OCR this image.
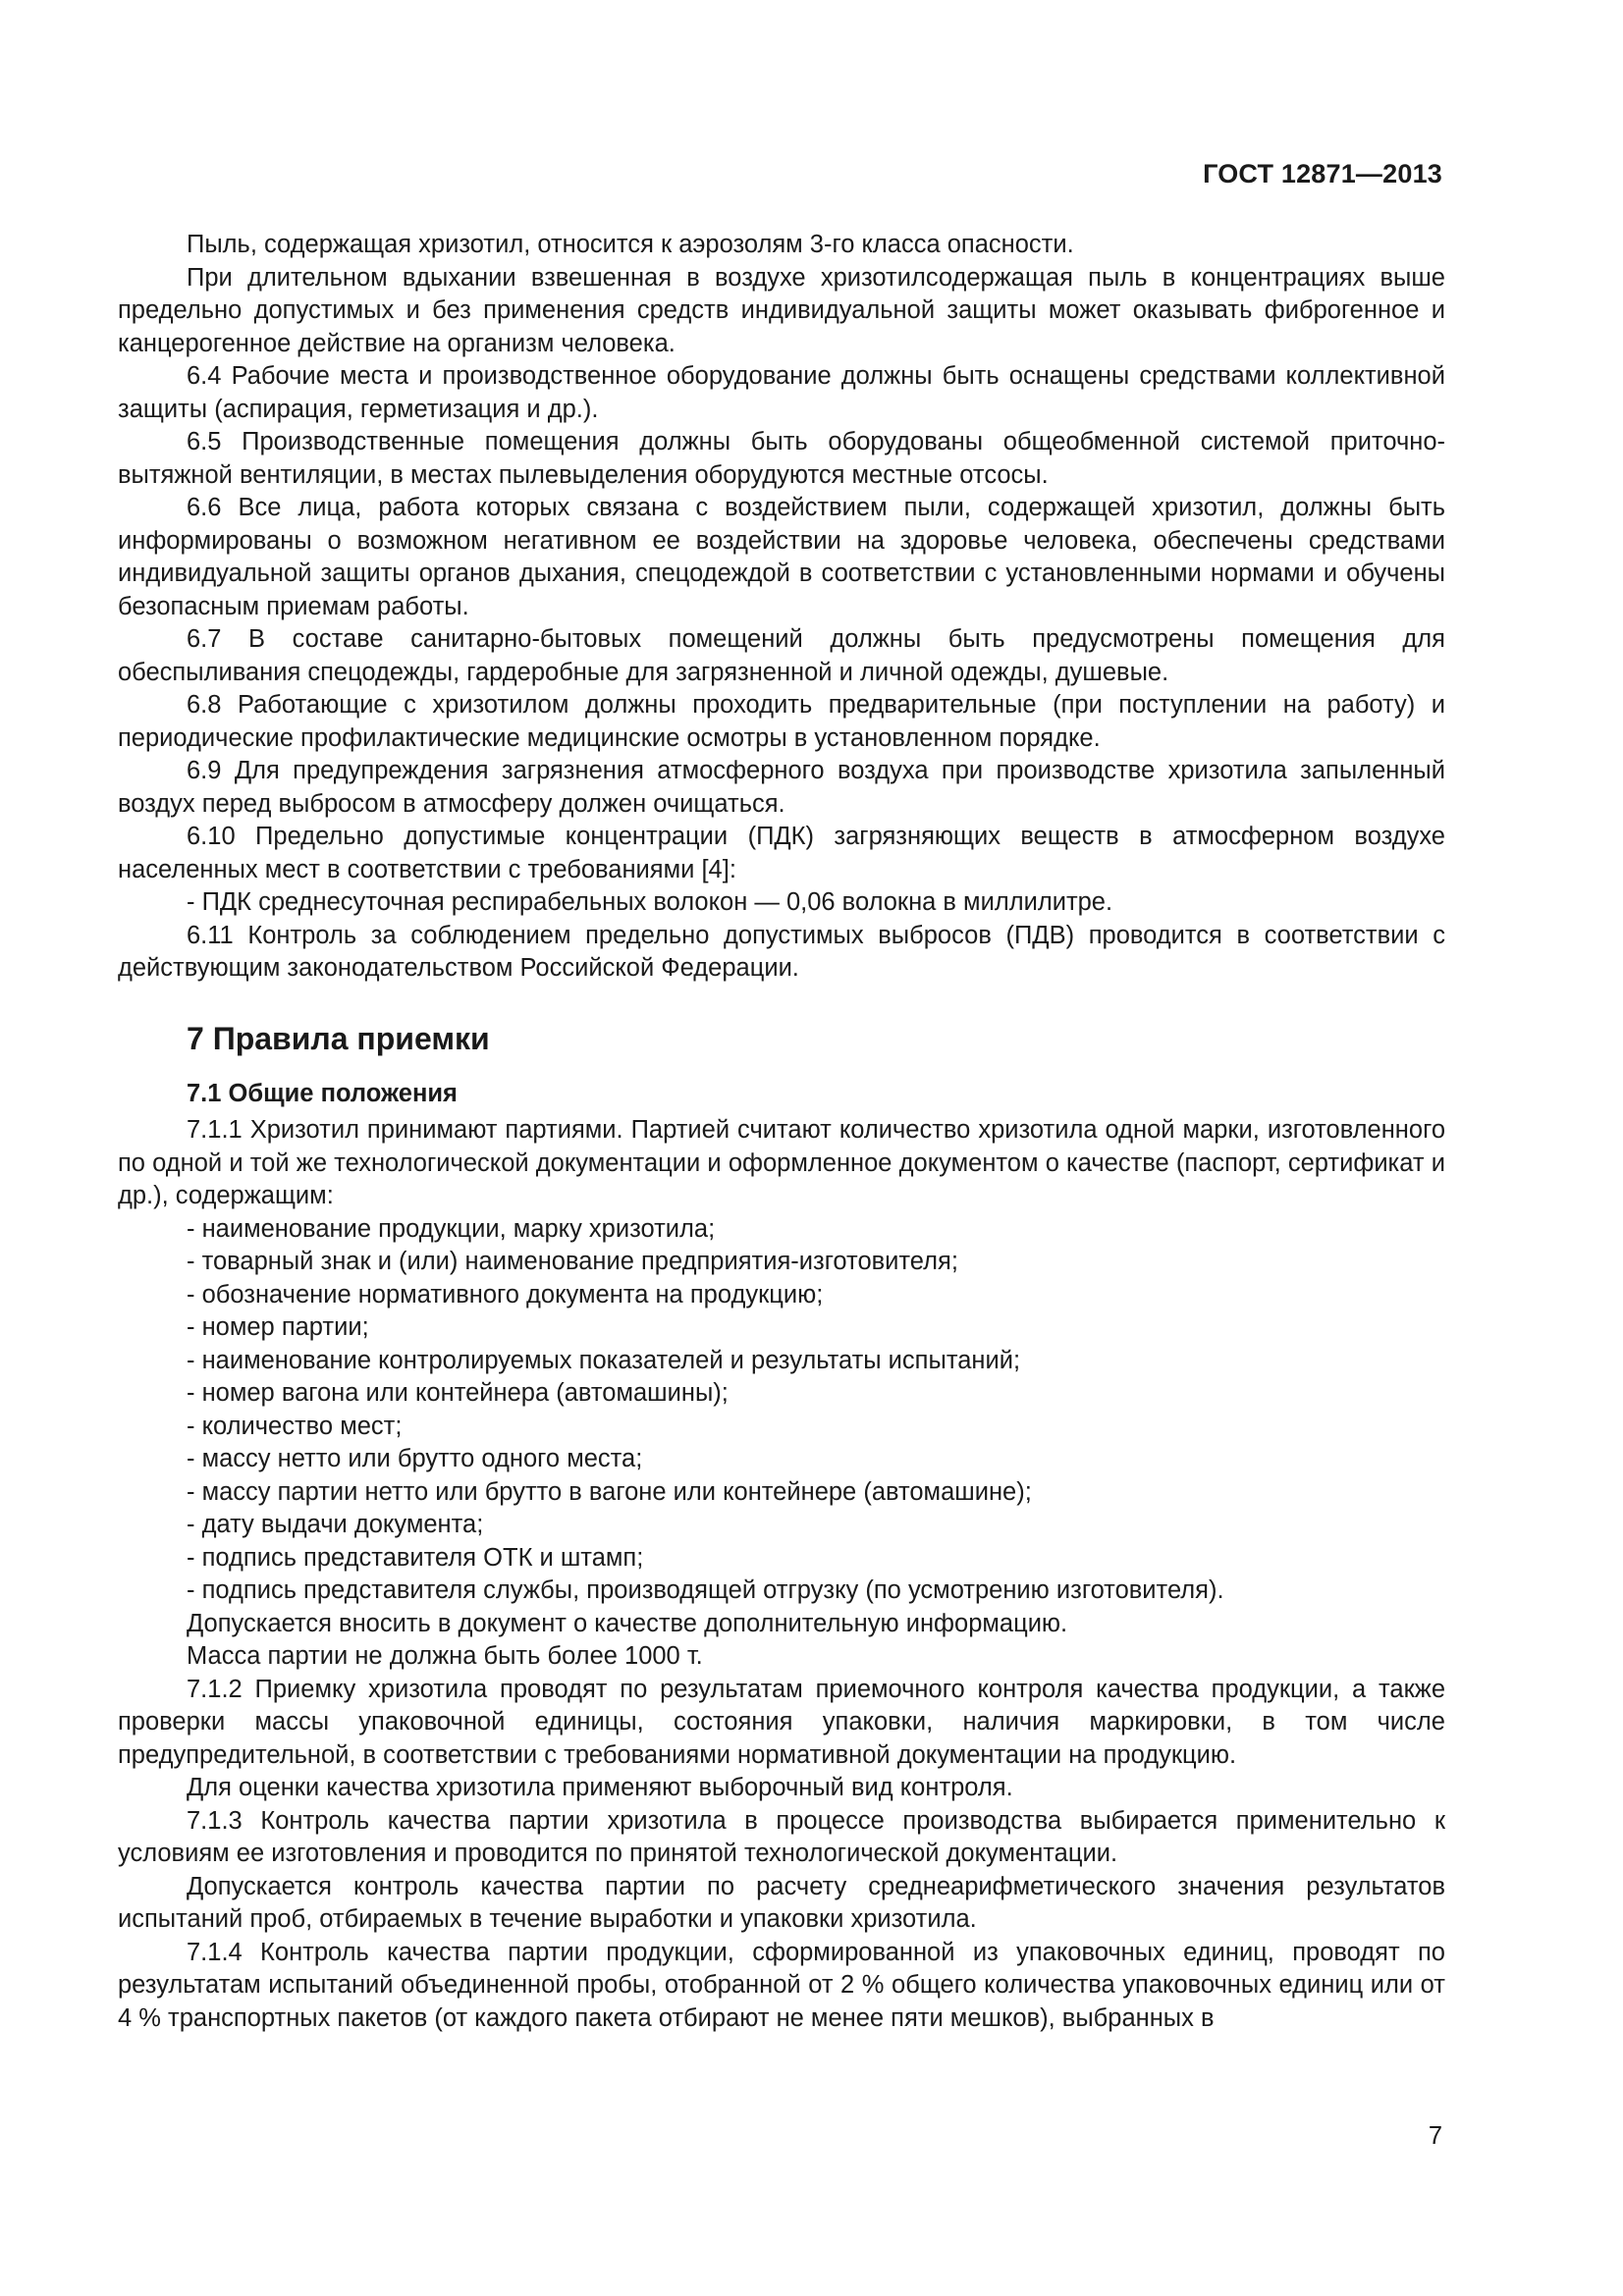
ГОСТ 12871—2013

Пыль, содержащая хризотил, относится к аэрозолям 3-го класса опасности.

При длительном вдыхании взвешенная в воздухе хризотилсодержащая пыль в концентрациях выше предельно допустимых и без применения средств индивидуальной защиты может оказывать фиброгенное и канцерогенное действие на организм человека.

6.4 Рабочие места и производственное оборудование должны быть оснащены средствами коллективной защиты (аспирация, герметизация и др.).

6.5 Производственные помещения должны быть оборудованы общеобменной системой приточно-вытяжной вентиляции, в местах пылевыделения оборудуются местные отсосы.

6.6 Все лица, работа которых связана с воздействием пыли, содержащей хризотил, должны быть информированы о возможном негативном ее воздействии на здоровье человека, обеспечены средствами индивидуальной защиты органов дыхания, спецодеждой в соответствии с установленными нормами и обучены безопасным приемам работы.

6.7 В составе санитарно-бытовых помещений должны быть предусмотрены помещения для обеспыливания спецодежды, гардеробные для загрязненной и личной одежды, душевые.

6.8 Работающие с хризотилом должны проходить предварительные (при поступлении на работу) и периодические профилактические медицинские осмотры в установленном порядке.

6.9 Для предупреждения загрязнения атмосферного воздуха при производстве хризотила запыленный воздух перед выбросом в атмосферу должен очищаться.

6.10 Предельно допустимые концентрации (ПДК) загрязняющих веществ в атмосферном воздухе населенных мест в соответствии с требованиями [4]:

- ПДК среднесуточная респирабельных волокон — 0,06 волокна в миллилитре.

6.11 Контроль за соблюдением предельно допустимых выбросов (ПДВ) проводится в соответствии с действующим законодательством Российской Федерации.

7 Правила приемки
7.1 Общие положения

7.1.1 Хризотил принимают партиями. Партией считают количество хризотила одной марки, изготовленного по одной и той же технологической документации и оформленное документом о качестве (паспорт, сертификат и др.), содержащим:

- наименование продукции, марку хризотила;

- товарный знак и (или) наименование предприятия-изготовителя;

- обозначение нормативного документа на продукцию;

- номер партии;

- наименование контролируемых показателей и результаты испытаний;

- номер вагона или контейнера (автомашины);

- количество мест;

- массу нетто или брутто одного места;

- массу партии нетто или брутто в вагоне или контейнере (автомашине);

- дату выдачи документа;

- подпись представителя ОТК и штамп;

- подпись представителя службы, производящей отгрузку (по усмотрению изготовителя).

Допускается вносить в документ о качестве дополнительную информацию.

Масса партии не должна быть более 1000 т.

7.1.2 Приемку хризотила проводят по результатам приемочного контроля качества продукции, а также проверки массы упаковочной единицы, состояния упаковки, наличия маркировки, в том числе предупредительной, в соответствии с требованиями нормативной документации на продукцию.

Для оценки качества хризотила применяют выборочный вид контроля.

7.1.3 Контроль качества партии хризотила в процессе производства выбирается применительно к условиям ее изготовления и проводится по принятой технологической документации.

Допускается контроль качества партии по расчету среднеарифметического значения результатов испытаний проб, отбираемых в течение выработки и упаковки хризотила.

7.1.4 Контроль качества партии продукции, сформированной из упаковочных единиц, проводят по результатам испытаний объединенной пробы, отобранной от 2 % общего количества упаковочных единиц или от 4 % транспортных пакетов (от каждого пакета отбирают не менее пяти мешков), выбранных в

7
